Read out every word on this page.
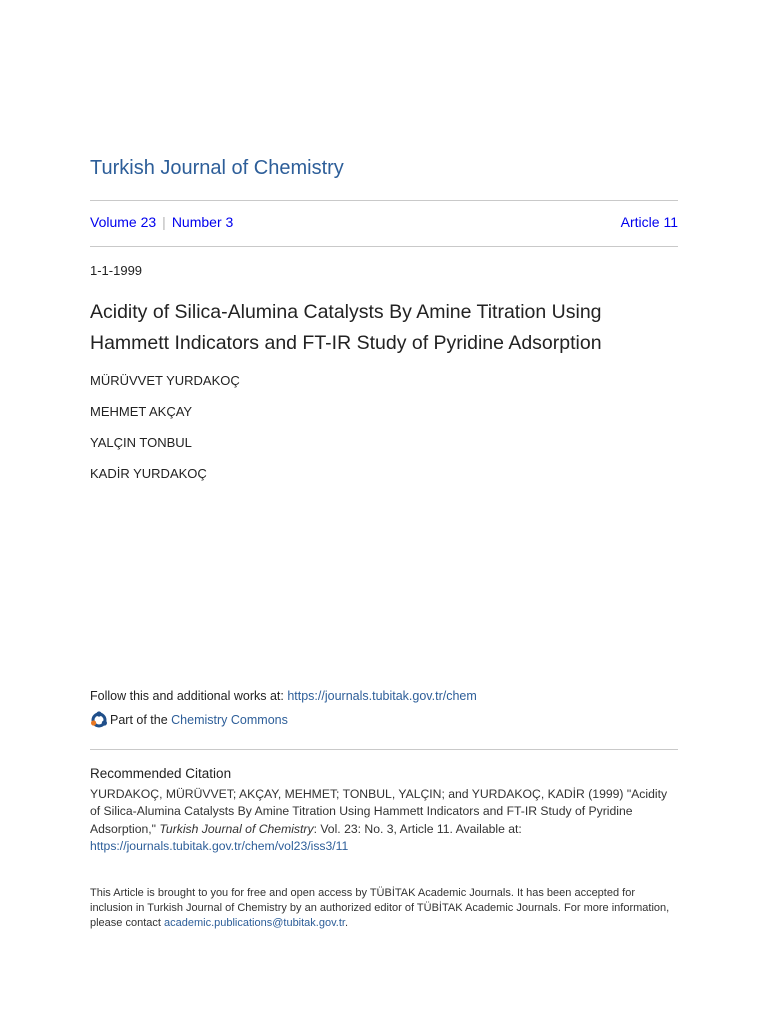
Turkish Journal of Chemistry
Volume 23 | Number 3	Article 11
1-1-1999
Acidity of Silica-Alumina Catalysts By Amine Titration Using Hammett Indicators and FT-IR Study of Pyridine Adsorption
MÜRÜVVET YURDAKOÇ
MEHMET AKÇAY
YALÇIN TONBUL
KADİR YURDAKOÇ
Follow this and additional works at: https://journals.tubitak.gov.tr/chem
Part of the Chemistry Commons
Recommended Citation
YURDAKOÇ, MÜRÜVVET; AKÇAY, MEHMET; TONBUL, YALÇIN; and YURDAKOÇ, KADİR (1999) "Acidity of Silica-Alumina Catalysts By Amine Titration Using Hammett Indicators and FT-IR Study of Pyridine Adsorption," Turkish Journal of Chemistry: Vol. 23: No. 3, Article 11. Available at:
https://journals.tubitak.gov.tr/chem/vol23/iss3/11
This Article is brought to you for free and open access by TÜBİTAK Academic Journals. It has been accepted for inclusion in Turkish Journal of Chemistry by an authorized editor of TÜBİTAK Academic Journals. For more information, please contact academic.publications@tubitak.gov.tr.
